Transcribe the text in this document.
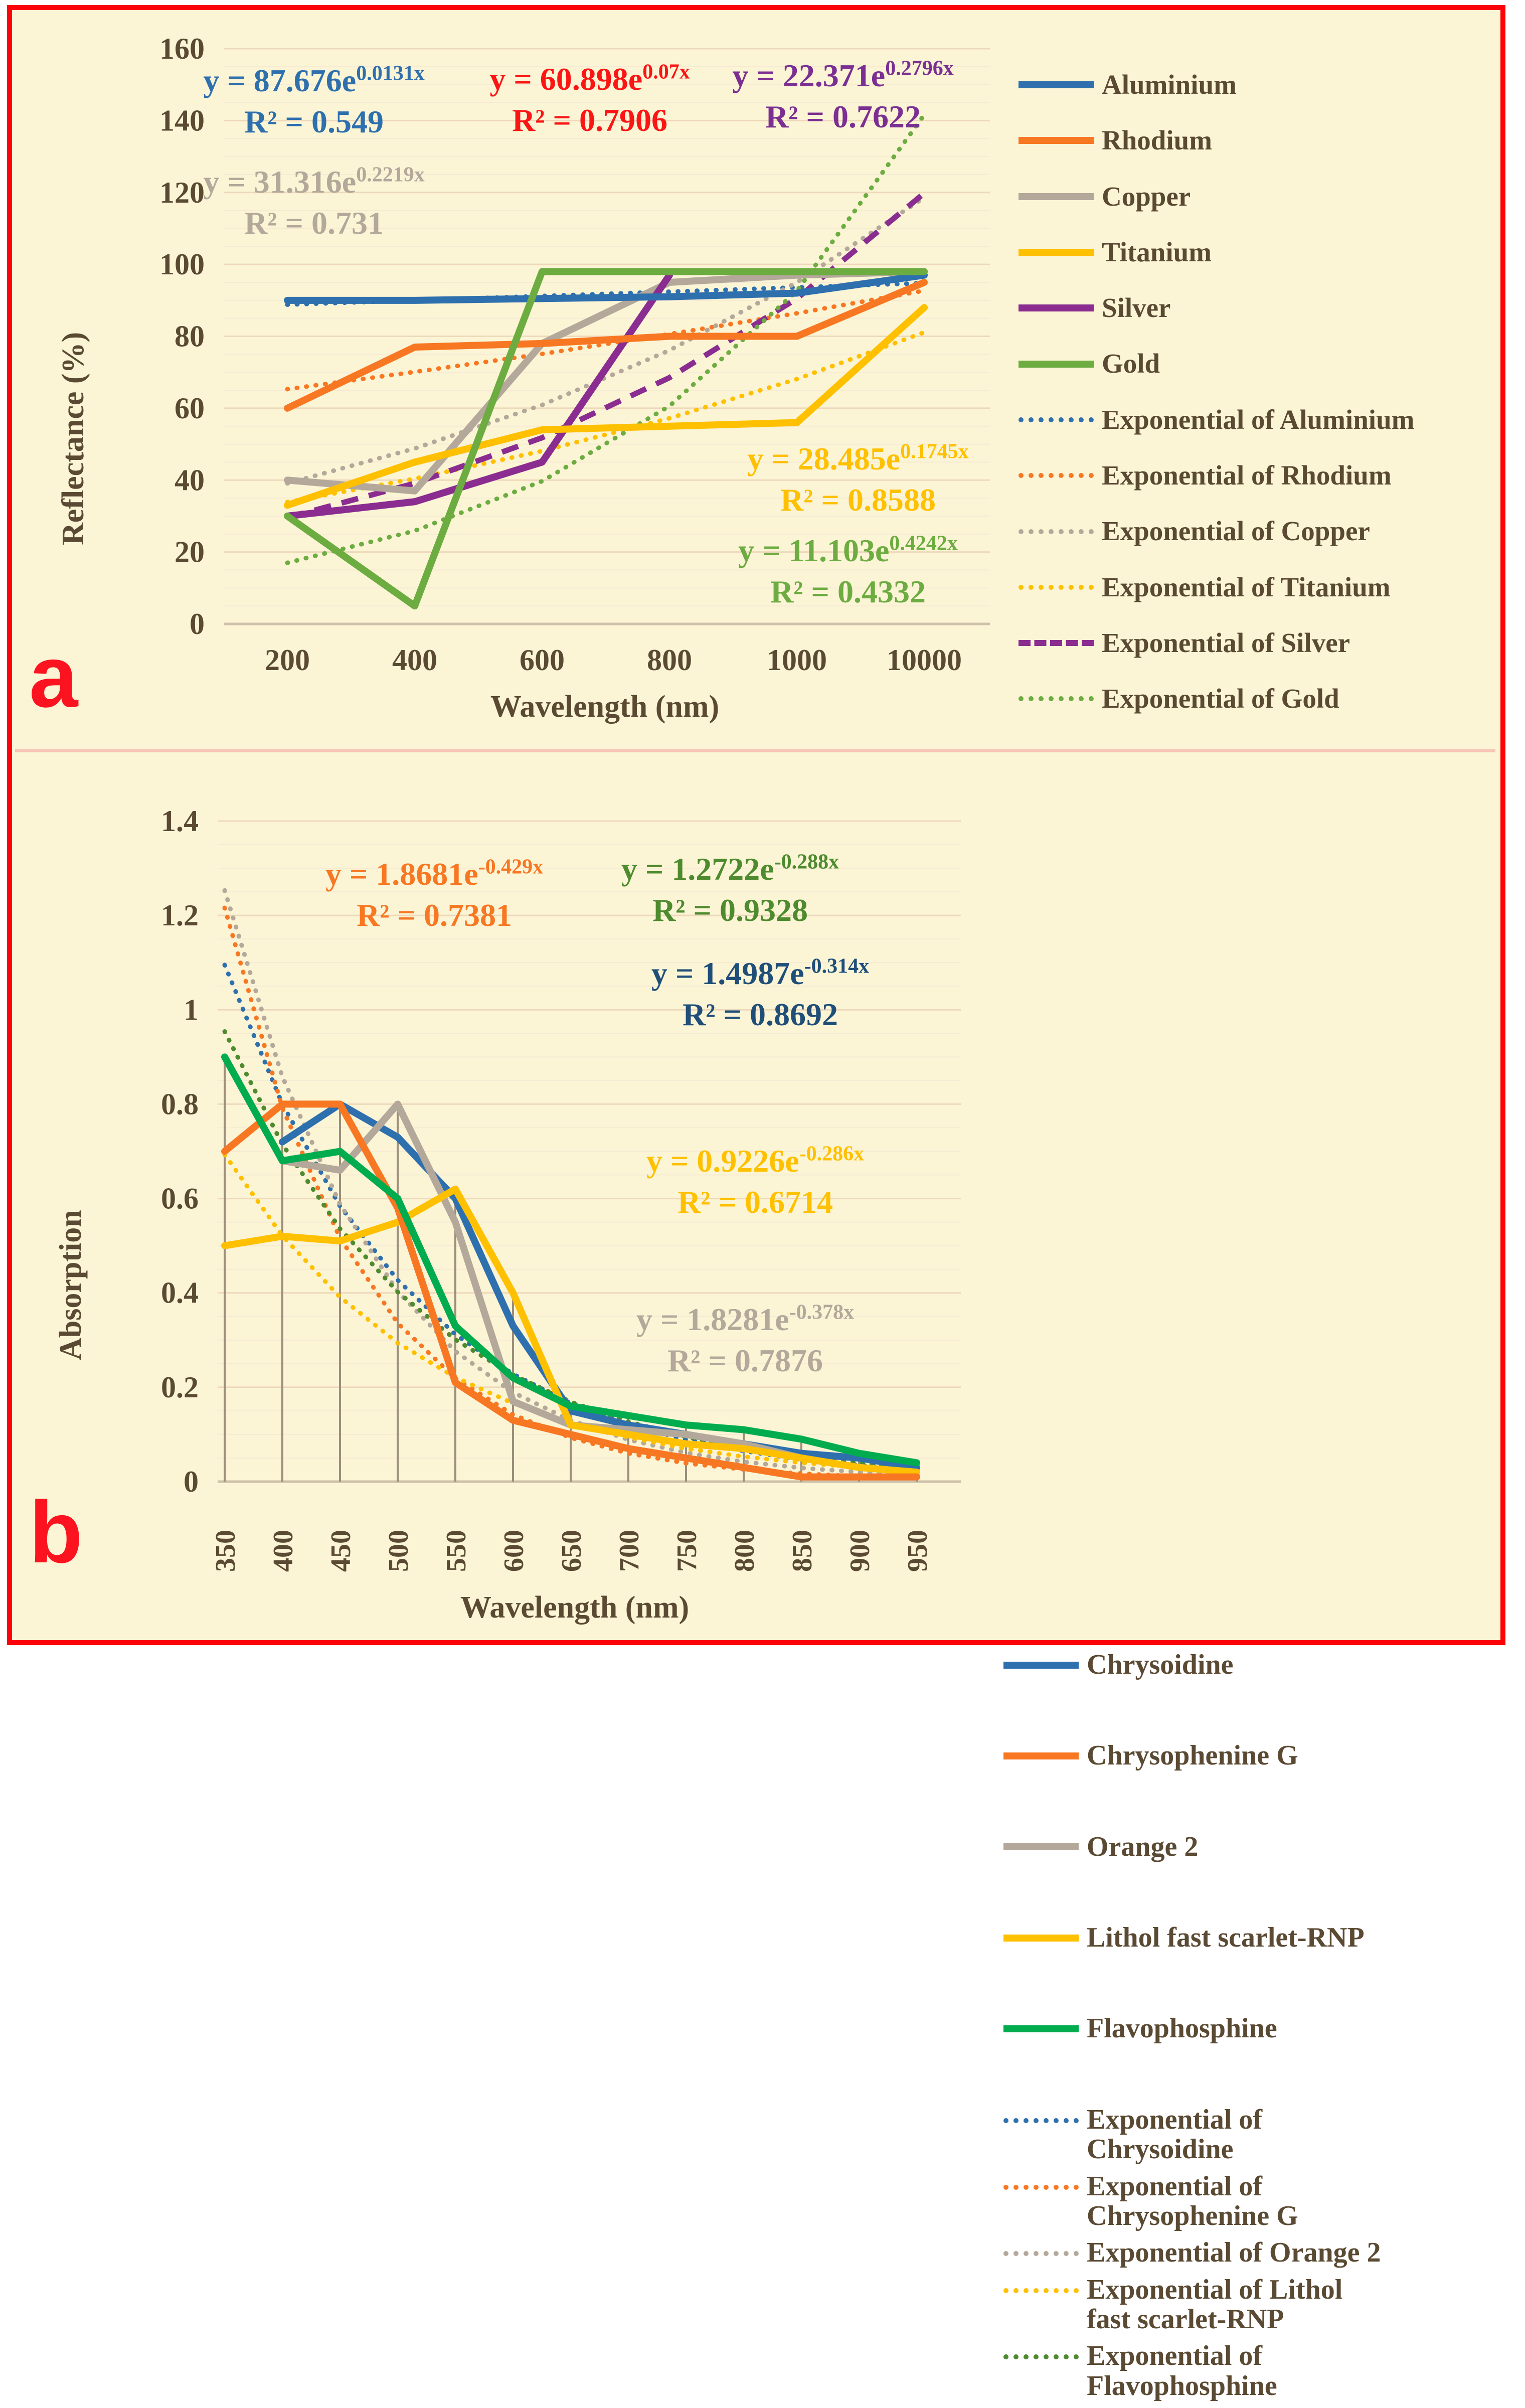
0
20
40
60
80
100
120
140
160
200	400	600	800 1000 10000
Reflectance (%)
Wavelength (nm)
Aluminium
Rhodium
Copper
Titanium
Silver
Gold
Exponential of Aluminium
Exponential of Rhodium
Exponential of Copper
Exponential of Titanium
Exponential of Silver
Exponential of Gold
$y = 87.676e^{0.0131x}$
R² = 0.549
$y = 60.898e^{0.07x}$
R² = 0.7906
$y = 22.371e^{0.2796x}$
R² = 0.7622
$y = 31.316e^{0.2219x}$
R² = 0.731
$y = 28.485e^{0.1745x}$
R² = 0.8588
$y = 11.103e^{0.4242x}$
R² = 0.4332
0
0.2
0.4
0.6
0.8
1
1.2
1.4
350 400 450 500 550 600 650 700 750 800 850 900 950
Absorption
Wavelength (nm)
Chrysoidine
Chrysophenine G
Orange 2
Lithol fast scarlet-RNP
Flavophosphine
Exponential of Chrysoidine
Exponential of Chrysophenine G
Exponential of Orange 2
Exponential of Lithol fast scarlet-RNP
Exponential of Flavophosphine
$y = 1.8681e^{-0.429x}$
R² = 0.7381
$y = 1.2722e^{-0.288x}$
R² = 0.9328
$y = 1.4987e^{-0.314x}$
R² = 0.8692
$y = 0.9226e^{-0.286x}$
R² = 0.6714
$y = 1.8281e^{-0.378x}$
R² = 0.7876
a
b
